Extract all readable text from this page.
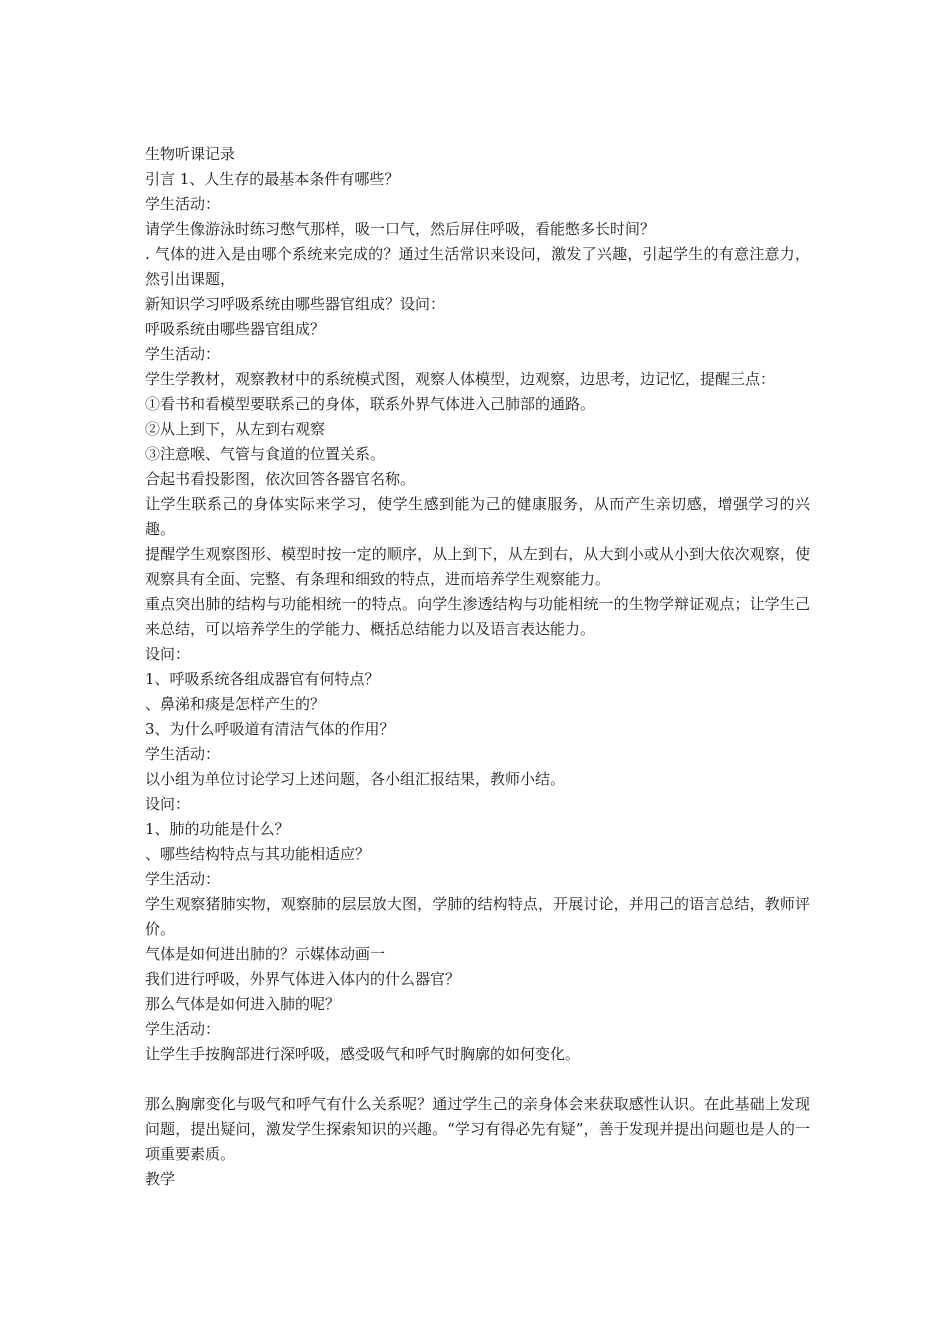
生物听课记录

引言 1、人生存的最基本条件有哪些？

学生活动：

请学生像游泳时练习憋气那样，吸一口气，然后屏住呼吸，看能憋多长时间？

. 气体的进入是由哪个系统来完成的？通过生活常识来设问，激发了兴趣，引起学生的有意注意力，然引出课题，

新知识学习呼吸系统由哪些器官组成？设问：

呼吸系统由哪些器官组成？

学生活动：

学生学教材，观察教材中的系统模式图，观察人体模型，边观察，边思考，边记忆，提醒三点：

①看书和看模型要联系己的身体，联系外界气体进入己肺部的通路。

②从上到下，从左到右观察

③注意喉、气管与食道的位置关系。

合起书看投影图，依次回答各器官名称。

让学生联系己的身体实际来学习，使学生感到能为己的健康服务，从而产生亲切感，增强学习的兴趣。

提醒学生观察图形、模型时按一定的顺序，从上到下，从左到右，从大到小或从小到大依次观察，使观察具有全面、完整、有条理和细致的特点，进而培养学生观察能力。

重点突出肺的结构与功能相统一的特点。向学生渗透结构与功能相统一的生物学辩证观点；让学生己来总结，可以培养学生的学能力、概括总结能力以及语言表达能力。

设问：

1、呼吸系统各组成器官有何特点？

、鼻涕和痰是怎样产生的？

3、为什么呼吸道有清洁气体的作用？

学生活动：

以小组为单位讨论学习上述问题，各小组汇报结果，教师小结。

设问：

1、肺的功能是什么？

、哪些结构特点与其功能相适应？

学生活动：

学生观察猪肺实物，观察肺的层层放大图，学肺的结构特点，开展讨论，并用己的语言总结，教师评价。

气体是如何进出肺的？示媒体动画一

我们进行呼吸，外界气体进入体内的什么器官？

那么气体是如何进入肺的呢？

学生活动：

让学生手按胸部进行深呼吸，感受吸气和呼气时胸廓的如何变化。

那么胸廓变化与吸气和呼气有什么关系呢？通过学生己的亲身体会来获取感性认识。在此基础上发现问题，提出疑问，激发学生探索知识的兴趣。“学习有得必先有疑”，善于发现并提出问题也是人的一项重要素质。

教学
